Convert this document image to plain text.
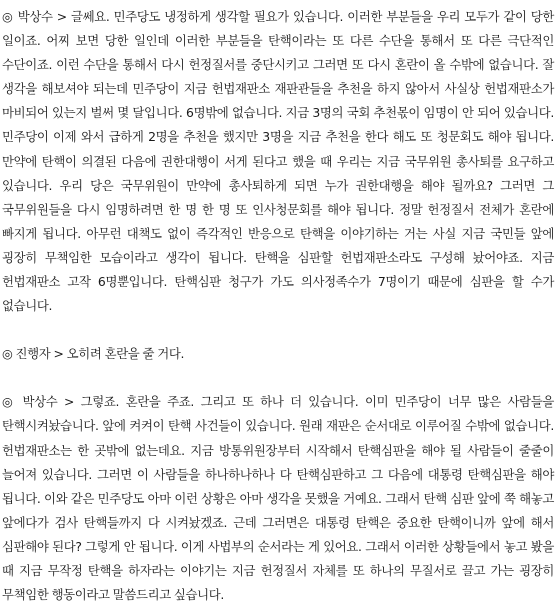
◎ 박상수 > 글쎄요. 민주당도 냉정하게 생각할 필요가 있습니다. 이러한 부분들을 우리 모두가 같이 당한 일이죠. 어찌 보면 당한 일인데 이러한 부분들을 탄핵이라는 또 다른 수단을 통해서 또 다른 극단적인 수단이죠. 이런 수단을 통해서 다시 헌정질서를 중단시키고 그러면 또 다시 혼란이 올 수밖에 없습니다. 잘 생각을 해보셔야 되는데 민주당이 지금 헌법재판소 재판관들을 추천을 하지 않아서 사실상 헌법재판소가 마비되어 있는지 벌써 몇 달입니다. 6명밖에 없습니다. 지금 3명의 국회 추천몫이 임명이 안 되어 있습니다. 민주당이 이제 와서 급하게 2명을 추천을 했지만 3명을 지금 추천을 한다 해도 또 청문회도 해야 됩니다. 만약에 탄핵이 의결된 다음에 권한대행이 서게 된다고 했을 때 우리는 지금 국무위원 총사퇴를 요구하고 있습니다. 우리 당은 국무위원이 만약에 총사퇴하게 되면 누가 권한대행을 해야 될까요? 그러면 그 국무위원들을 다시 임명하려면 한 명 한 명 또 인사청문회를 해야 됩니다. 정말 헌정질서 전체가 혼란에 빠지게 됩니다. 아무런 대책도 없이 즉각적인 반응으로 탄핵을 이야기하는 거는 사실 지금 국민들 앞에 굉장히 무책임한 모습이라고 생각이 됩니다. 탄핵을 심판할 헌법재판소라도 구성해 놨어야죠. 지금 헌법재판소 고작 6명뿐입니다. 탄핵심판 청구가 가도 의사정족수가 7명이기 때문에 심판을 할 수가 없습니다.

◎ 진행자 > 오히려 혼란을 줄 거다.

◎ 박상수 > 그렇죠. 혼란을 주죠. 그리고 또 하나 더 있습니다. 이미 민주당이 너무 많은 사람들을 탄핵시켜놨습니다. 앞에 켜켜이 탄핵 사건들이 있습니다. 원래 재판은 순서대로 이루어질 수밖에 없습니다. 헌법재판소는 한 곳밖에 없는데요. 지금 방통위원장부터 시작해서 탄핵심판을 해야 될 사람들이 줄줄이 늘어져 있습니다. 그러면 이 사람들을 하나하나하나 다 탄핵심판하고 그 다음에 대통령 탄핵심판을 해야 됩니다. 이와 같은 민주당도 아마 이런 상황은 아마 생각을 못했을 거예요. 그래서 탄핵 심판 앞에 쭉 해놓고 앞에다가 검사 탄핵들까지 다 시켜놨겠죠. 근데 그러면은 대통령 탄핵은 중요한 탄핵이니까 앞에 해서 심판해야 된다? 그렇게 안 됩니다. 이게 사법부의 순서라는 게 있어요. 그래서 이러한 상황들에서 놓고 봤을 때 지금 무작정 탄핵을 하자라는 이야기는 지금 헌정질서 자체를 또 하나의 무질서로 끌고 가는 굉장히 무책임한 행동이라고 말씀드리고 싶습니다.
